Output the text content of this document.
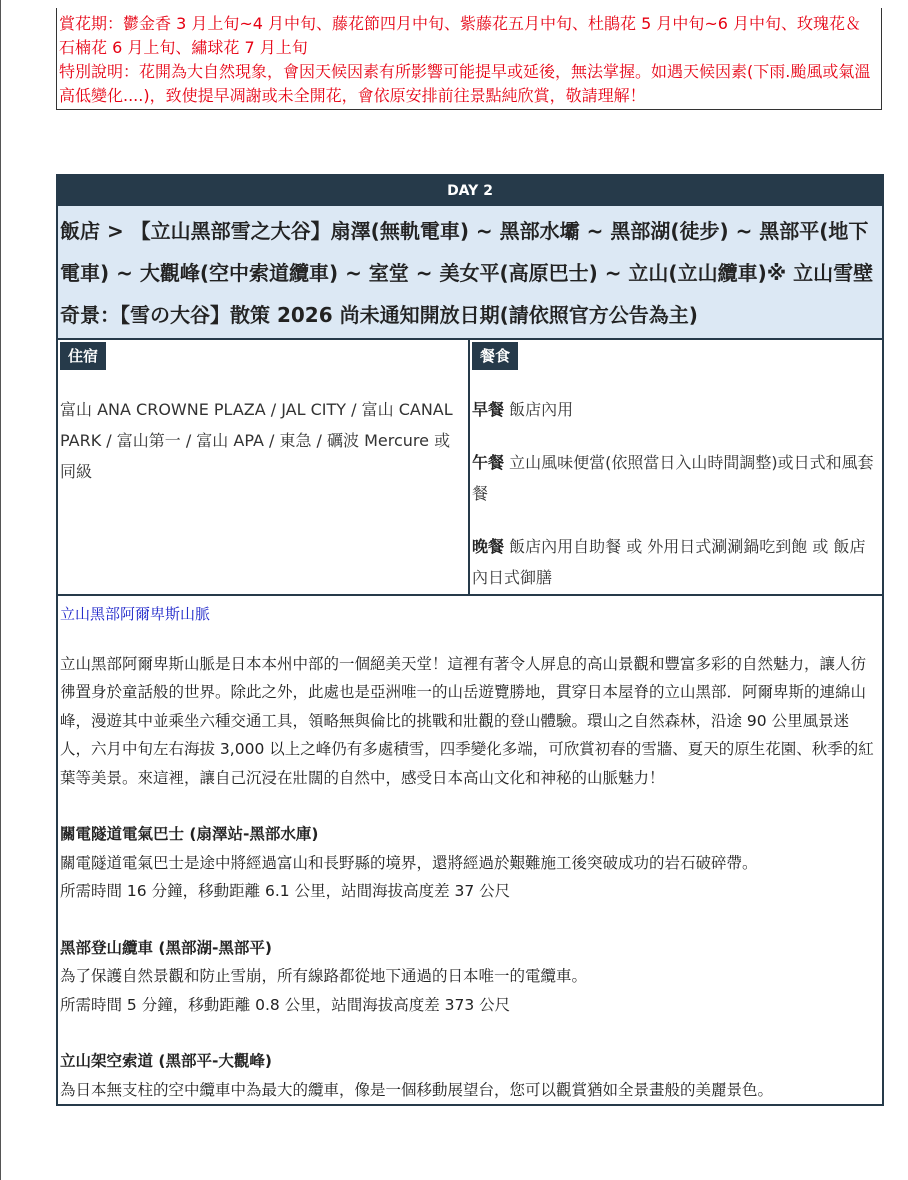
賞花期：鬱金香 3 月上旬~4 月中旬、藤花節四月中旬、紫藤花五月中旬、杜鵑花 5 月中旬~6 月中旬、玫瑰花＆石楠花 6 月上旬、繡球花 7 月上旬

特別說明：花開為大自然現象，會因天候因素有所影響可能提早或延後，無法掌握。如遇天候因素(下雨.颱風或氣溫高低變化....)，致使提早凋謝或未全開花，會依原安排前往景點純欣賞，敬請理解！

DAY 2
飯店 > 【立山黑部雪之大谷】扇澤(無軌電車) ~ 黑部水壩 ~ 黑部湖(徒步) ~ 黑部平(地下電車) ~ 大觀峰(空中索道纜車) ~ 室堂 ~ 美女平(高原巴士) ~ 立山(立山纜車)※ 立山雪壁奇景：【雪の大谷】散策 2026 尚未通知開放日期(請依照官方公告為主)
住宿
富山 ANA CROWNE PLAZA / JAL CITY / 富山 CANAL PARK / 富山第一 / 富山 APA / 東急 / 礪波 Mercure 或同級
餐食
早餐 飯店內用
午餐 立山風味便當(依照當日入山時間調整)或日式和風套餐
晚餐 飯店內用自助餐 或 外用日式涮涮鍋吃到飽 或 飯店內日式御膳

立山黑部阿爾卑斯山脈

立山黑部阿爾卑斯山脈是日本本州中部的一個絕美天堂！這裡有著令人屏息的高山景觀和豐富多彩的自然魅力，讓人彷彿置身於童話般的世界。除此之外，此處也是亞洲唯一的山岳遊覽勝地，貫穿日本屋脊的立山黑部．阿爾卑斯的連綿山峰，漫遊其中並乘坐六種交通工具，領略無與倫比的挑戰和壯觀的登山體驗。環山之自然森林，沿途 90 公里風景迷人，六月中旬左右海拔 3,000 以上之峰仍有多處積雪，四季變化多端，可欣賞初春的雪牆、夏天的原生花園、秋季的紅葉等美景。來這裡，讓自己沉浸在壯闊的自然中，感受日本高山文化和神秘的山脈魅力！

關電隧道電氣巴士 (扇澤站-黑部水庫)

關電隧道電氣巴士是途中將經過富山和長野縣的境界，還將經過於艱難施工後突破成功的岩石破碎帶。

所需時間 16 分鐘，移動距離 6.1 公里，站間海拔高度差 37 公尺

黑部登山纜車 (黑部湖-黑部平)

為了保護自然景觀和防止雪崩，所有線路都從地下通過的日本唯一的電纜車。

所需時間 5 分鐘，移動距離 0.8 公里，站間海拔高度差 373 公尺

立山架空索道 (黑部平-大觀峰)

為日本無支柱的空中纜車中為最大的纜車，像是一個移動展望台，您可以觀賞猶如全景畫般的美麗景色。
